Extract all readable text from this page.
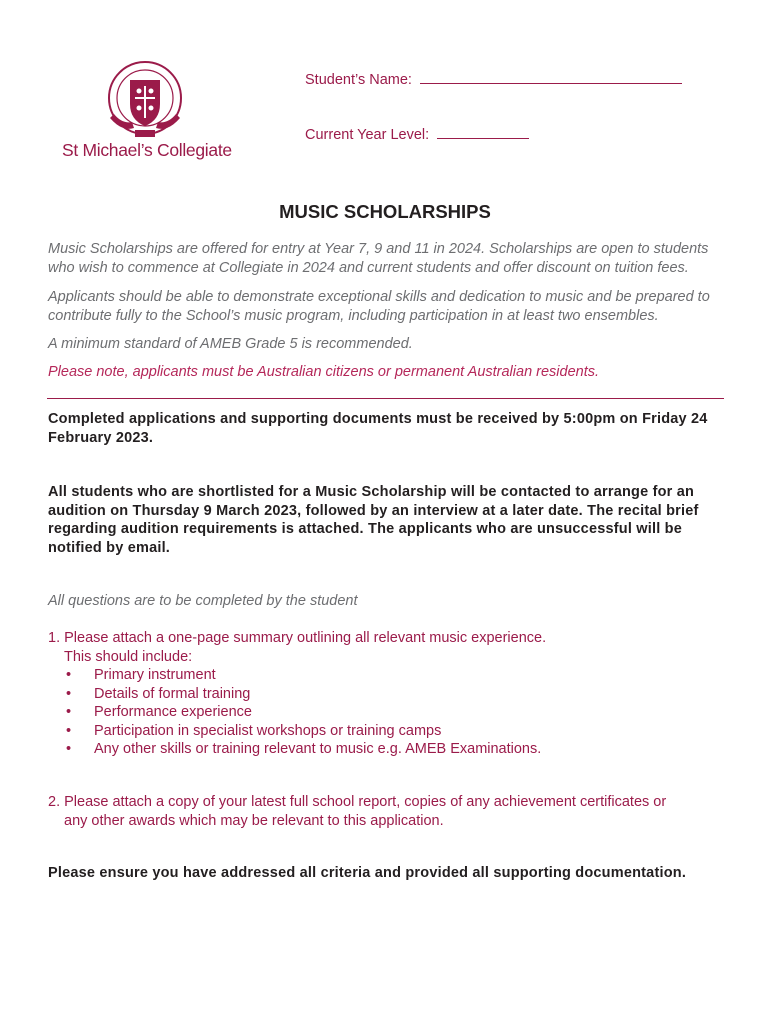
St Michael’s Collegiate
Student’s Name:
Current Year Level:
MUSIC SCHOLARSHIPS
Music Scholarships are offered for entry at Year 7, 9 and 11 in 2024. Scholarships are open to students who wish to commence at Collegiate in 2024 and current students and offer discount on tuition fees.
Applicants should be able to demonstrate exceptional skills and dedication to music and be prepared to contribute fully to the School’s music program, including participation in at least two ensembles.
A minimum standard of AMEB Grade 5 is recommended.
Please note, applicants must be Australian citizens or permanent Australian residents.
Completed applications and supporting documents must be received by 5:00pm on Friday 24 February 2023.
All students who are shortlisted for a Music Scholarship will be contacted to arrange for an audition on Thursday 9 March 2023, followed by an interview at a later date. The recital brief regarding audition requirements is attached. The applicants who are unsuccessful will be notified by email.
All questions are to be completed by the student
1. Please attach a one-page summary outlining all relevant music experience.
This should include:
• Primary instrument
• Details of formal training
• Performance experience
• Participation in specialist workshops or training camps
• Any other skills or training relevant to music e.g. AMEB Examinations.
2. Please attach a copy of your latest full school report, copies of any achievement certificates or
any other awards which may be relevant to this application.
Please ensure you have addressed all criteria and provided all supporting documentation.
